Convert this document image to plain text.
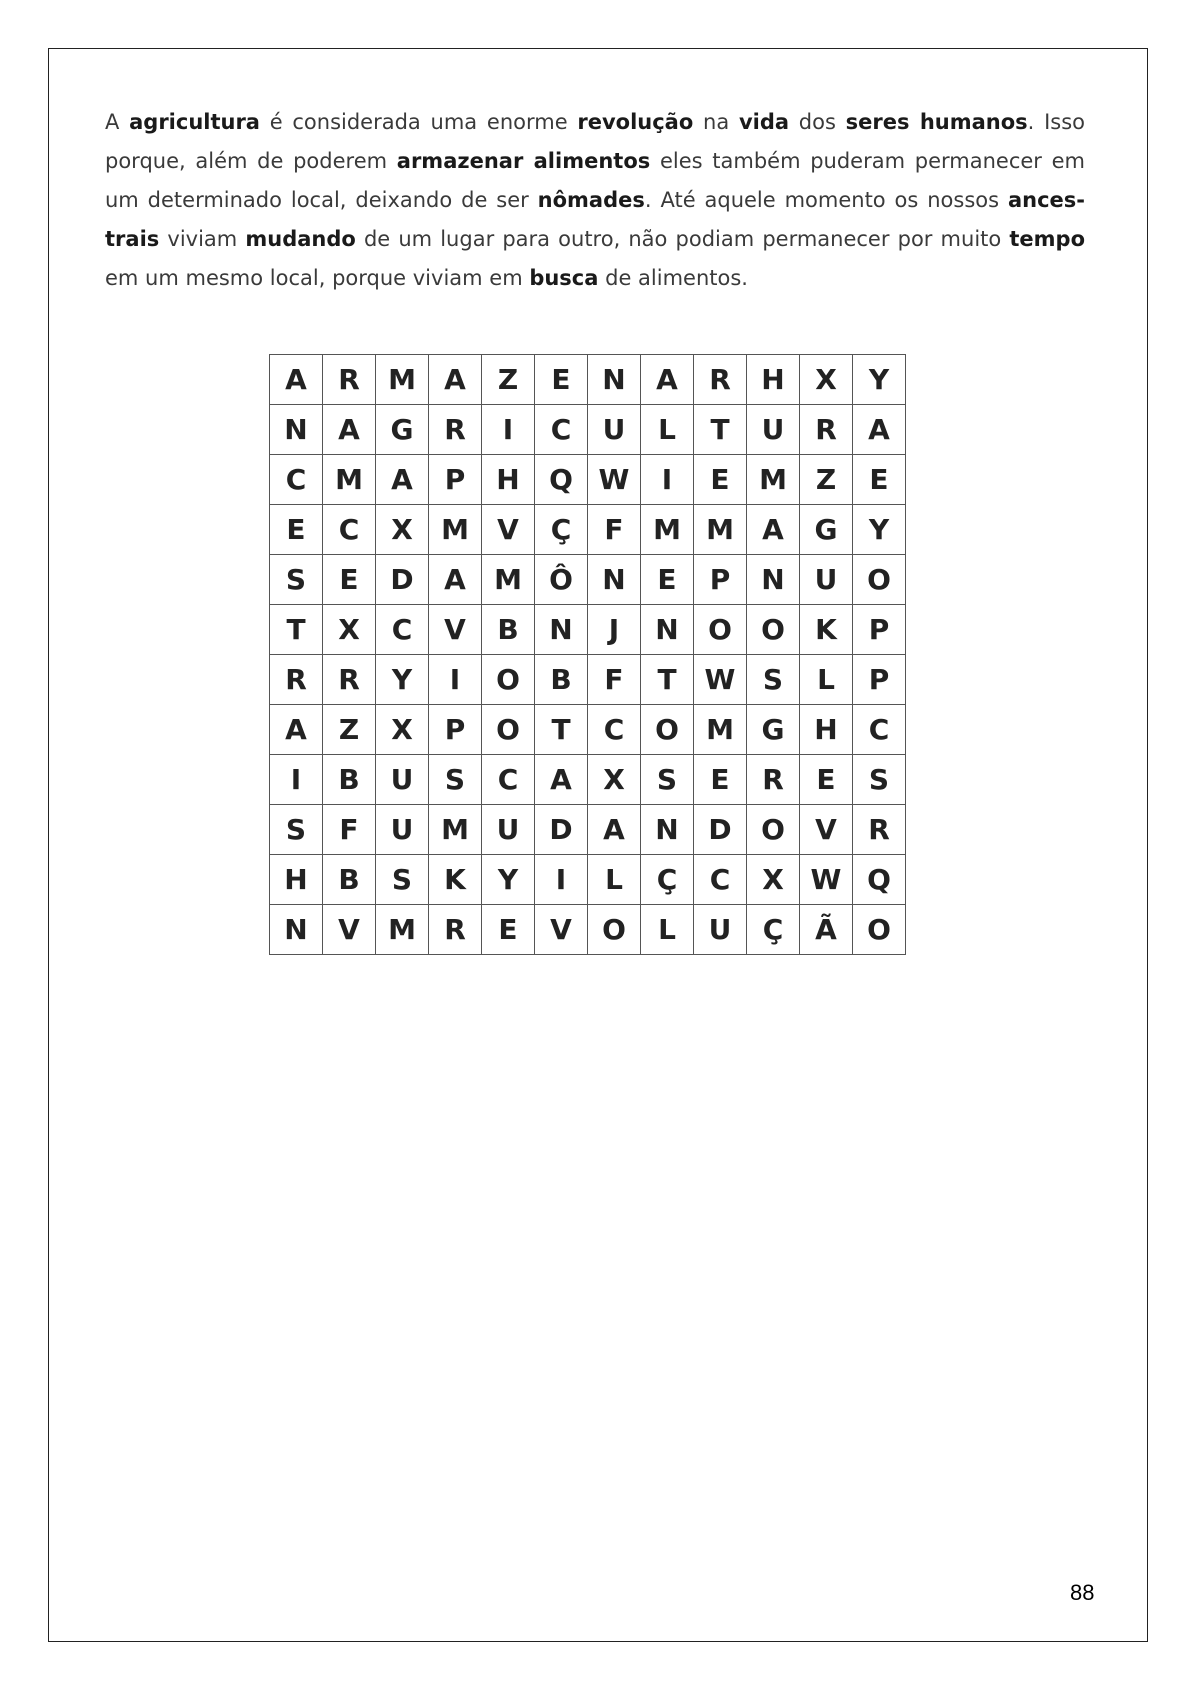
A agricultura é considerada uma enorme revolução na vida dos seres humanos. Isso
porque, além de poderem armazenar alimentos eles também puderam permanecer em
um determinado local, deixando de ser nômades. Até aquele momento os nossos ances-
trais viviam mudando de um lugar para outro, não podiam permanecer por muito tempo
em um mesmo local, porque viviam em busca de alimentos.

A	R	M	A	Z	E	N	A	R	H	X	Y
N	A	G	R	I	C	U	L	T	U	R	A
C	M	A	P	H	Q	W	I	E	M	Z	E
E	C	X	M	V	Ç	F	M	M	A	G	Y
S	E	D	A	M	Ô	N	E	P	N	U	O
T	X	C	V	B	N	J	N	O	O	K	P
R	R	Y	I	O	B	F	T	W	S	L	P
A	Z	X	P	O	T	C	O	M	G	H	C
I	B	U	S	C	A	X	S	E	R	E	S
S	F	U	M	U	D	A	N	D	O	V	R
H	B	S	K	Y	I	L	Ç	C	X	W	Q
N	V	M	R	E	V	O	L	U	Ç	Ã	O
88
